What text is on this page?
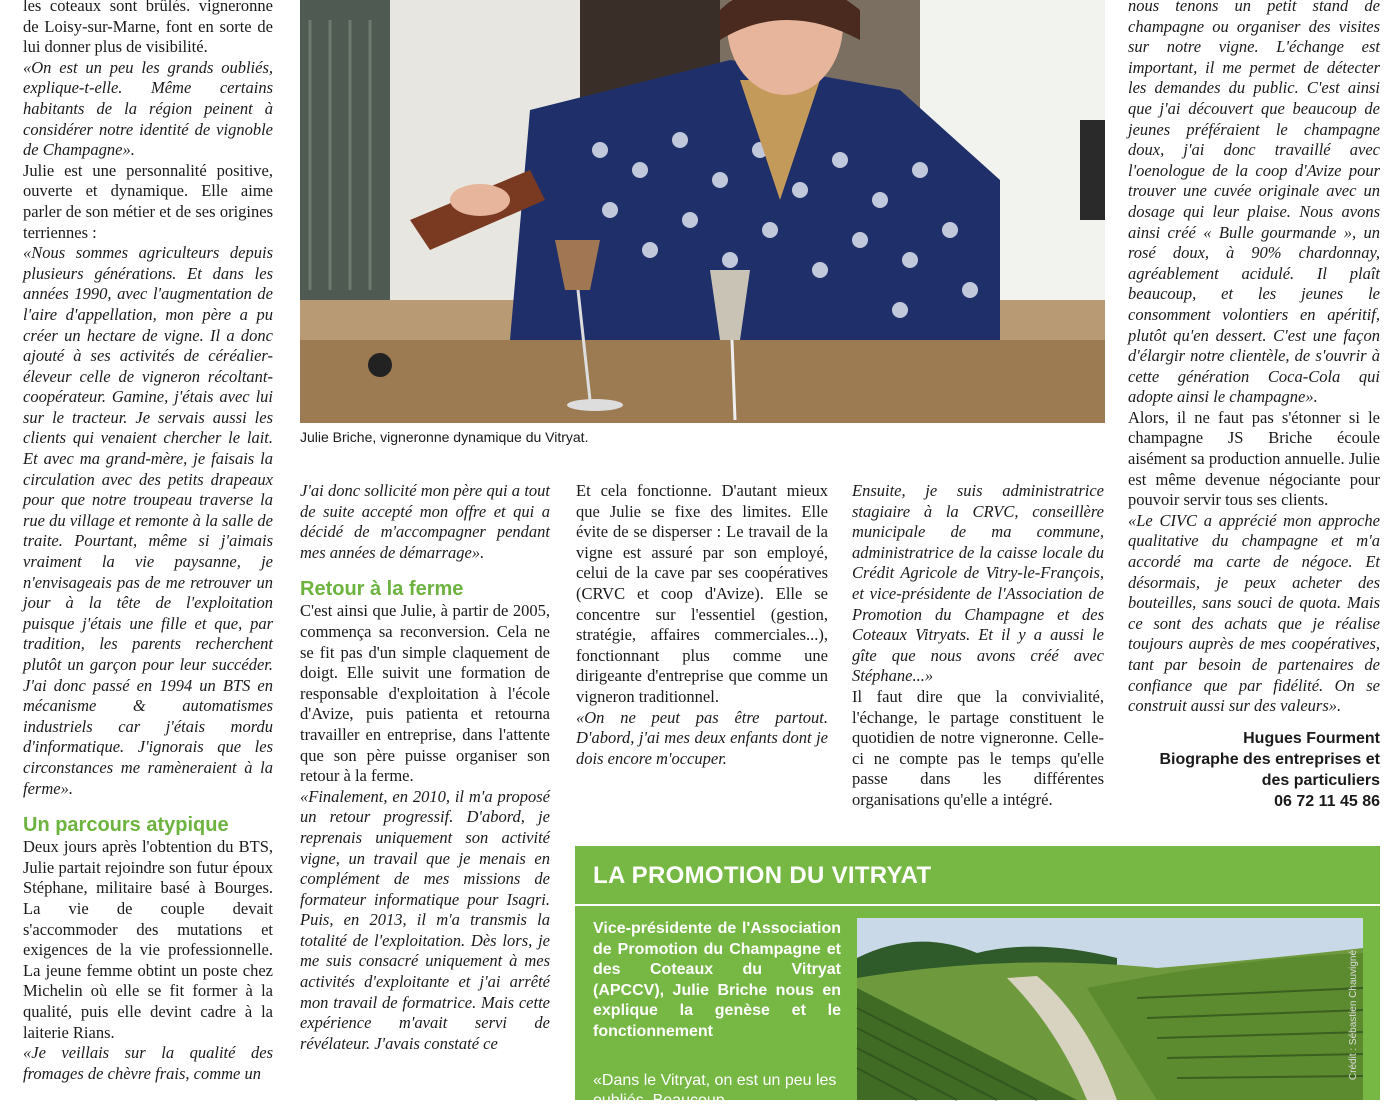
les coteaux sont brûlés. vigneronne de Loisy-sur-Marne, font en sorte de lui donner plus de visibilité.

«On est un peu les grands oubliés, explique-t-elle. Même certains habitants de la région peinent à considérer notre identité de vignoble de Champagne».

Julie est une personnalité positive, ouverte et dynamique. Elle aime parler de son métier et de ses origines terriennes :

«Nous sommes agriculteurs depuis plusieurs générations. Et dans les années 1990, avec l'augmentation de l'aire d'appellation, mon père a pu créer un hectare de vigne. Il a donc ajouté à ses activités de céréalier-éleveur celle de vigneron récoltant-coopérateur. Gamine, j'étais avec lui sur le tracteur. Je servais aussi les clients qui venaient chercher le lait. Et avec ma grand-mère, je faisais la circulation avec des petits drapeaux pour que notre troupeau traverse la rue du village et remonte à la salle de traite. Pourtant, même si j'aimais vraiment la vie paysanne, je n'envisageais pas de me retrouver un jour à la tête de l'exploitation puisque j'étais une fille et que, par tradition, les parents recherchent plutôt un garçon pour leur succéder. J'ai donc passé en 1994 un BTS en mécanisme & automatismes industriels car j'étais mordu d'informatique. J'ignorais que les circonstances me ramèneraient à la ferme».

Un parcours atypique

Deux jours après l'obtention du BTS, Julie partait rejoindre son futur époux Stéphane, militaire basé à Bourges. La vie de couple devait s'accommoder des mutations et exigences de la vie professionnelle. La jeune femme obtint un poste chez Michelin où elle se fit former à la qualité, puis elle devint cadre à la laiterie Rians.

«Je veillais sur la qualité des fromages de chèvre frais, comme un

Julie Briche, vigneronne dynamique du Vitryat.

J'ai donc sollicité mon père qui a tout de suite accepté mon offre et qui a décidé de m'accompagner pendant mes années de démarrage».

Retour à la ferme

C'est ainsi que Julie, à partir de 2005, commença sa reconversion. Cela ne se fit pas d'un simple claquement de doigt. Elle suivit une formation de responsable d'exploitation à l'école d'Avize, puis patienta et retourna travailler en entreprise, dans l'attente que son père puisse organiser son retour à la ferme.

«Finalement, en 2010, il m'a proposé un retour progressif. D'abord, je reprenais uniquement son activité vigne, un travail que je menais en complément de mes missions de formateur informatique pour Isagri. Puis, en 2013, il m'a transmis la totalité de l'exploitation. Dès lors, je me suis consacré uniquement à mes activités d'exploitante et j'ai arrêté mon travail de formatrice. Mais cette expérience m'avait servi de révélateur. J'avais constaté ce

Et cela fonctionne. D'autant mieux que Julie se fixe des limites. Elle évite de se disperser : Le travail de la vigne est assuré par son employé, celui de la cave par ses coopératives (CRVC et coop d'Avize). Elle se concentre sur l'essentiel (gestion, stratégie, affaires commerciales...), fonctionnant plus comme une dirigeante d'entreprise que comme un vigneron traditionnel.

«On ne peut pas être partout. D'abord, j'ai mes deux enfants dont je dois encore m'occuper.

Ensuite, je suis administratrice stagiaire à la CRVC, conseillère municipale de ma commune, administratrice de la caisse locale du Crédit Agricole de Vitry-le-François, et vice-présidente de l'Association de Promotion du Champagne et des Coteaux Vitryats. Et il y a aussi le gîte que nous avons créé avec Stéphane...»

Il faut dire que la convivialité, l'échange, le partage constituent le quotidien de notre vigneronne. Celle-ci ne compte pas le temps qu'elle passe dans les différentes organisations qu'elle a intégré.

nous tenons un petit stand de champagne ou organiser des visites sur notre vigne. L'échange est important, il me permet de détecter les demandes du public. C'est ainsi que j'ai découvert que beaucoup de jeunes préféraient le champagne doux, j'ai donc travaillé avec l'oenologue de la coop d'Avize pour trouver une cuvée originale avec un dosage qui leur plaise. Nous avons ainsi créé « Bulle gourmande », un rosé doux, à 90% chardonnay, agréablement acidulé. Il plaît beaucoup, et les jeunes le consomment volontiers en apéritif, plutôt qu'en dessert. C'est une façon d'élargir notre clientèle, de s'ouvrir à cette génération Coca-Cola qui adopte ainsi le champagne».

Alors, il ne faut pas s'étonner si le champagne JS Briche écoule aisément sa production annuelle. Julie est même devenue négociante pour pouvoir servir tous ses clients.

«Le CIVC a apprécié mon approche qualitative du champagne et m'a accordé ma carte de négoce. Et désormais, je peux acheter des bouteilles, sans souci de quota. Mais ce sont des achats que je réalise toujours auprès de mes coopératives, tant par besoin de partenaires de confiance que par fidélité. On se construit aussi sur des valeurs».

Hugues Fourment
Biographe des entreprises et des particuliers
06 72 11 45 86
LA PROMOTION DU VITRYAT
Vice-présidente de l'Association de Promotion du Champagne et des Coteaux du Vitryat (APCCV), Julie Briche nous en explique la genèse et le fonctionnement
«Dans le Vitryat, on est un peu les oubliés. Beaucoup
Crédit : Sébastien Chauvigné
